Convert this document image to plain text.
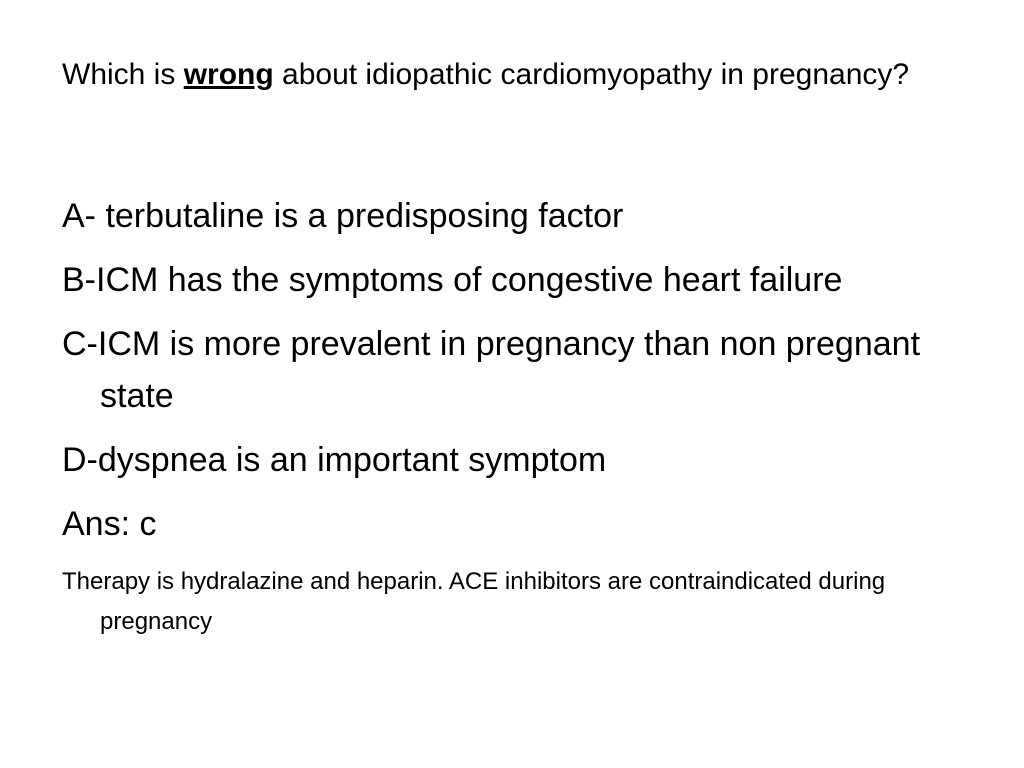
Which is wrong about idiopathic cardiomyopathy in pregnancy?
A- terbutaline is a predisposing factor
B-ICM has the symptoms of congestive heart failure
C-ICM is more prevalent in pregnancy than non pregnant state
D-dyspnea is an important symptom
Ans: c
Therapy is hydralazine and heparin. ACE inhibitors are contraindicated during pregnancy
